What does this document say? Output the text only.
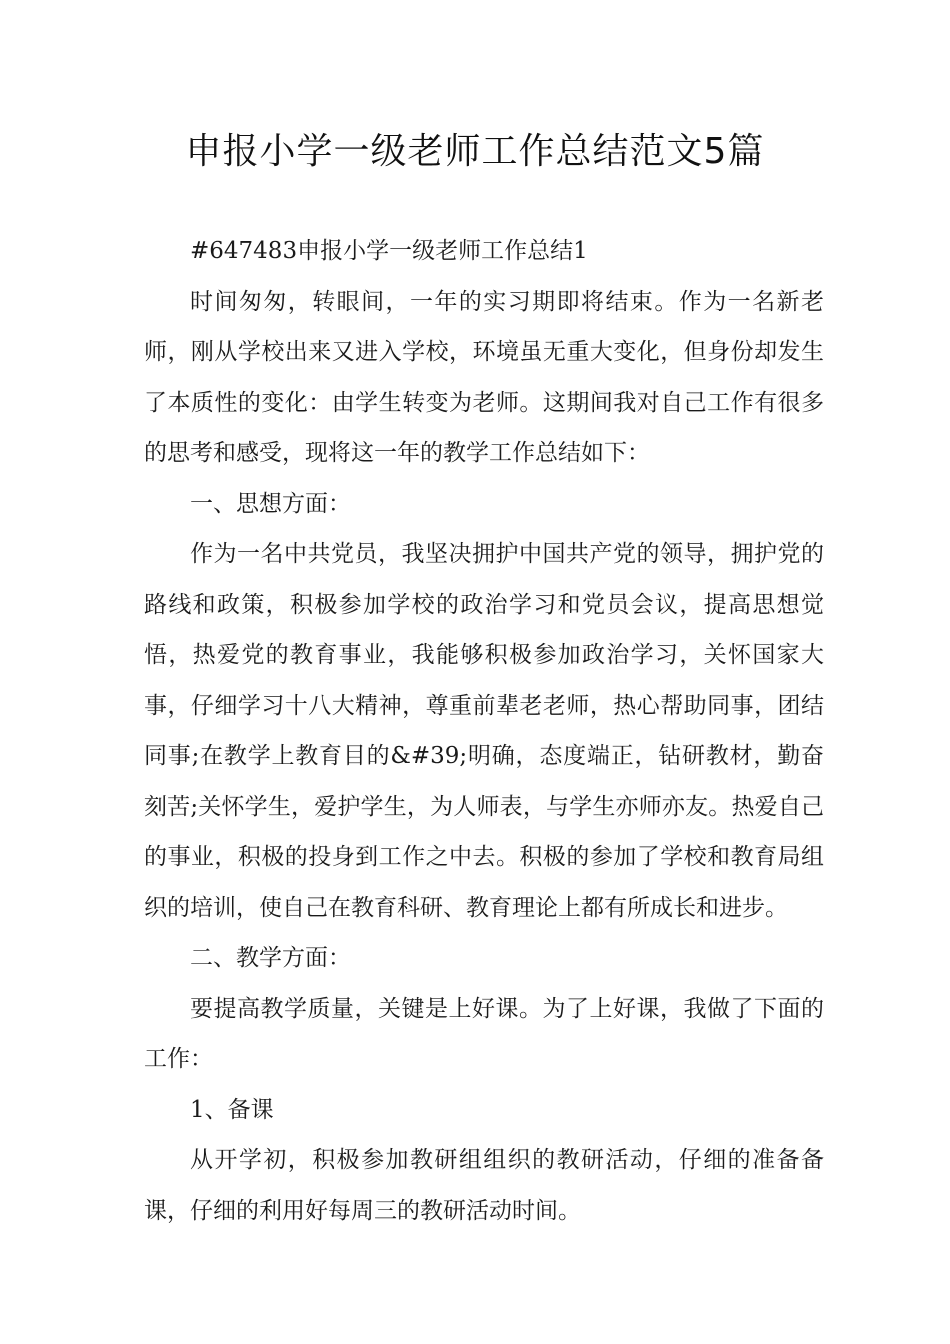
申报小学一级老师工作总结范文5篇

#647483申报小学一级老师工作总结1

时间匆匆，转眼间，一年的实习期即将结束。作为一名新老师，刚从学校出来又进入学校，环境虽无重大变化，但身份却发生了本质性的变化：由学生转变为老师。这期间我对自己工作有很多的思考和感受，现将这一年的教学工作总结如下：

一、思想方面：

作为一名中共党员，我坚决拥护中国共产党的领导，拥护党的路线和政策，积极参加学校的政治学习和党员会议，提高思想觉悟，热爱党的教育事业，我能够积极参加政治学习，关怀国家大事，仔细学习十八大精神，尊重前辈老老师，热心帮助同事，团结同事;在教学上教育目的&#39;明确，态度端正，钻研教材，勤奋刻苦;关怀学生，爱护学生，为人师表，与学生亦师亦友。热爱自己的事业，积极的投身到工作之中去。积极的参加了学校和教育局组织的培训，使自己在教育科研、教育理论上都有所成长和进步。

二、教学方面：

要提高教学质量，关键是上好课。为了上好课，我做了下面的工作：

1、备课

从开学初，积极参加教研组组织的教研活动，仔细的准备备课，仔细的利用好每周三的教研活动时间。
